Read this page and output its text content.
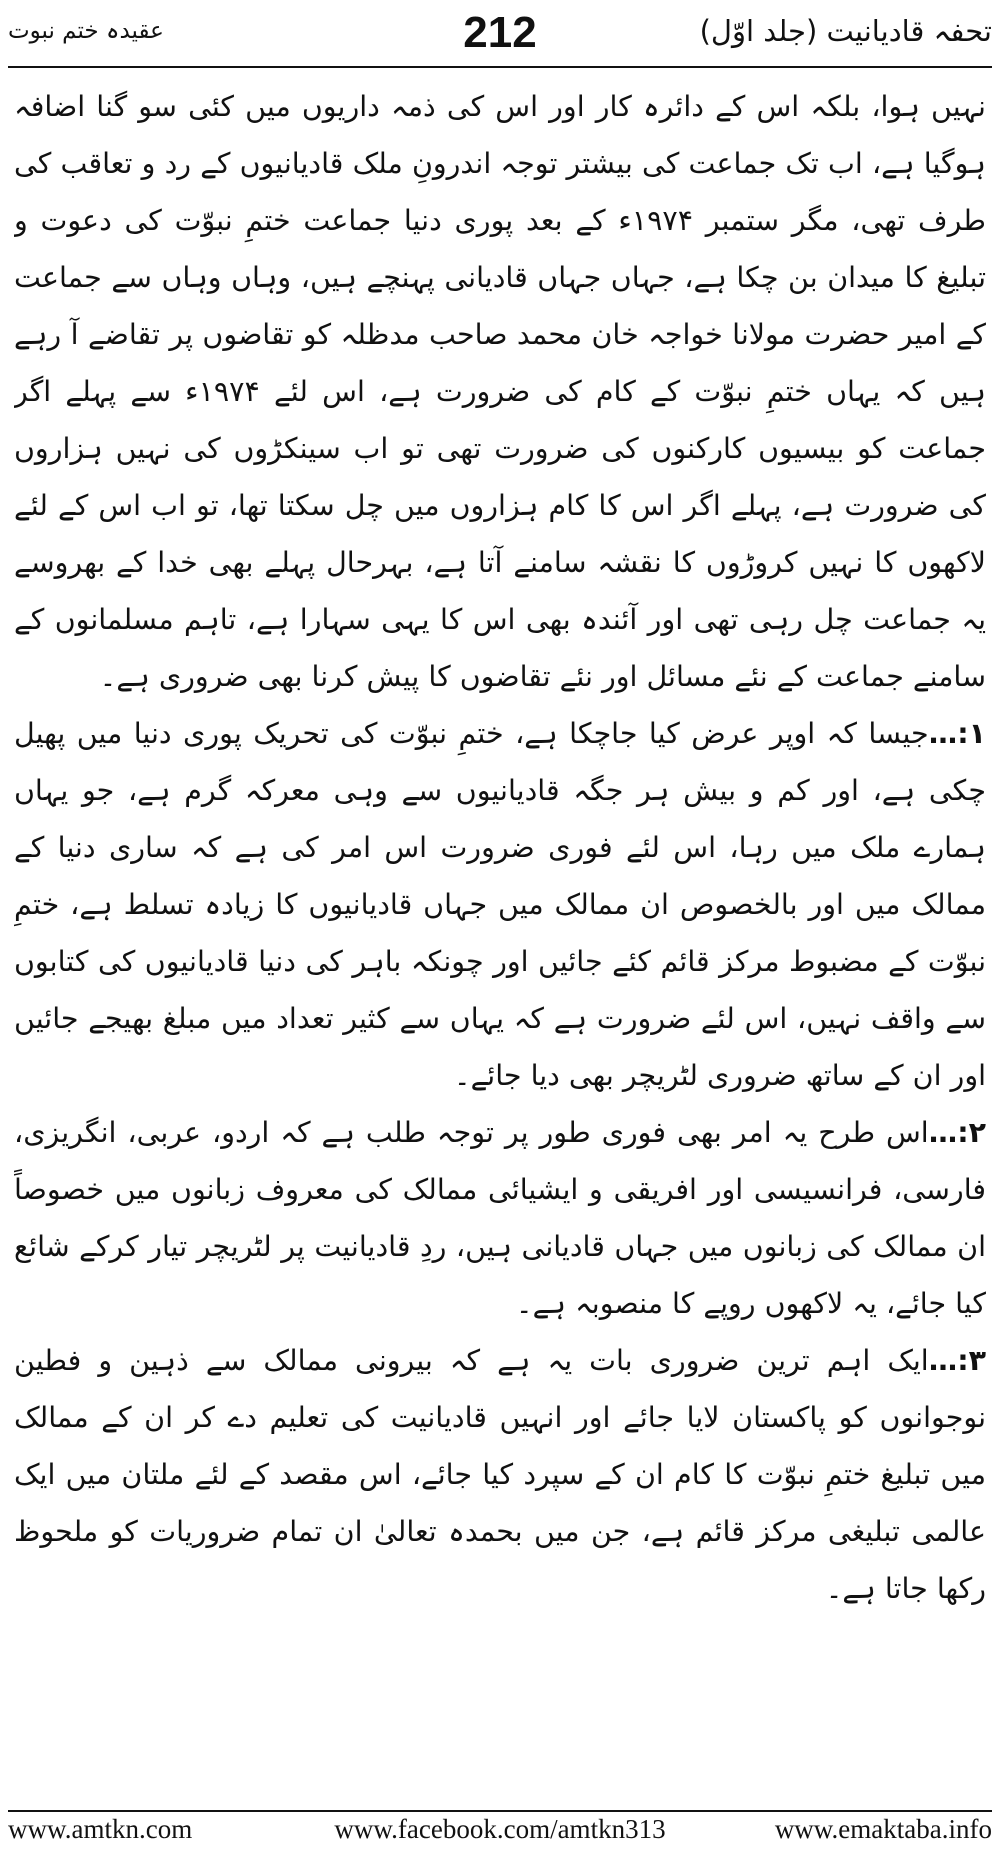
تحفہ قادیانیت (جلد اوّل)
212
عقیدہ ختم نبوت

نہیں ہوا، بلکہ اس کے دائرہ کار اور اس کی ذمہ داریوں میں کئی سو گنا اضافہ ہوگیا ہے، اب تک جماعت کی بیشتر توجہ اندرونِ ملک قادیانیوں کے رد و تعاقب کی طرف تھی، مگر ستمبر ۱۹۷۴ء کے بعد پوری دنیا جماعت ختمِ نبوّت کی دعوت و تبلیغ کا میدان بن چکا ہے، جہاں جہاں قادیانی پہنچے ہیں، وہاں وہاں سے جماعت کے امیر حضرت مولانا خواجہ خان محمد صاحب مدظلہ کو تقاضوں پر تقاضے آ رہے ہیں کہ یہاں ختمِ نبوّت کے کام کی ضرورت ہے، اس لئے ۱۹۷۴ء سے پہلے اگر جماعت کو بیسیوں کارکنوں کی ضرورت تھی تو اب سینکڑوں کی نہیں ہزاروں کی ضرورت ہے، پہلے اگر اس کا کام ہزاروں میں چل سکتا تھا، تو اب اس کے لئے لاکھوں کا نہیں کروڑوں کا نقشہ سامنے آتا ہے، بہرحال پہلے بھی خدا کے بھروسے یہ جماعت چل رہی تھی اور آئندہ بھی اس کا یہی سہارا ہے، تاہم مسلمانوں کے سامنے جماعت کے نئے مسائل اور نئے تقاضوں کا پیش کرنا بھی ضروری ہے۔

۱:…جیسا کہ اوپر عرض کیا جاچکا ہے، ختمِ نبوّت کی تحریک پوری دنیا میں پھیل چکی ہے، اور کم و بیش ہر جگہ قادیانیوں سے وہی معرکہ گرم ہے، جو یہاں ہمارے ملک میں رہا، اس لئے فوری ضرورت اس امر کی ہے کہ ساری دنیا کے ممالک میں اور بالخصوص ان ممالک میں جہاں قادیانیوں کا زیادہ تسلط ہے، ختمِ نبوّت کے مضبوط مرکز قائم کئے جائیں اور چونکہ باہر کی دنیا قادیانیوں کی کتابوں سے واقف نہیں، اس لئے ضرورت ہے کہ یہاں سے کثیر تعداد میں مبلغ بھیجے جائیں اور ان کے ساتھ ضروری لٹریچر بھی دیا جائے۔

۲:…اس طرح یہ امر بھی فوری طور پر توجہ طلب ہے کہ اردو، عربی، انگریزی، فارسی، فرانسیسی اور افریقی و ایشیائی ممالک کی معروف زبانوں میں خصوصاً ان ممالک کی زبانوں میں جہاں قادیانی ہیں، ردِ قادیانیت پر لٹریچر تیار کرکے شائع کیا جائے، یہ لاکھوں روپے کا منصوبہ ہے۔

۳:…ایک اہم ترین ضروری بات یہ ہے کہ بیرونی ممالک سے ذہین و فطین نوجوانوں کو پاکستان لایا جائے اور انہیں قادیانیت کی تعلیم دے کر ان کے ممالک میں تبلیغ ختمِ نبوّت کا کام ان کے سپرد کیا جائے، اس مقصد کے لئے ملتان میں ایک عالمی تبلیغی مرکز قائم ہے، جن میں بحمدہ تعالیٰ ان تمام ضروریات کو ملحوظ رکھا جاتا ہے۔

www.amtkn.com	www.facebook.com/amtkn313	www.emaktaba.info
